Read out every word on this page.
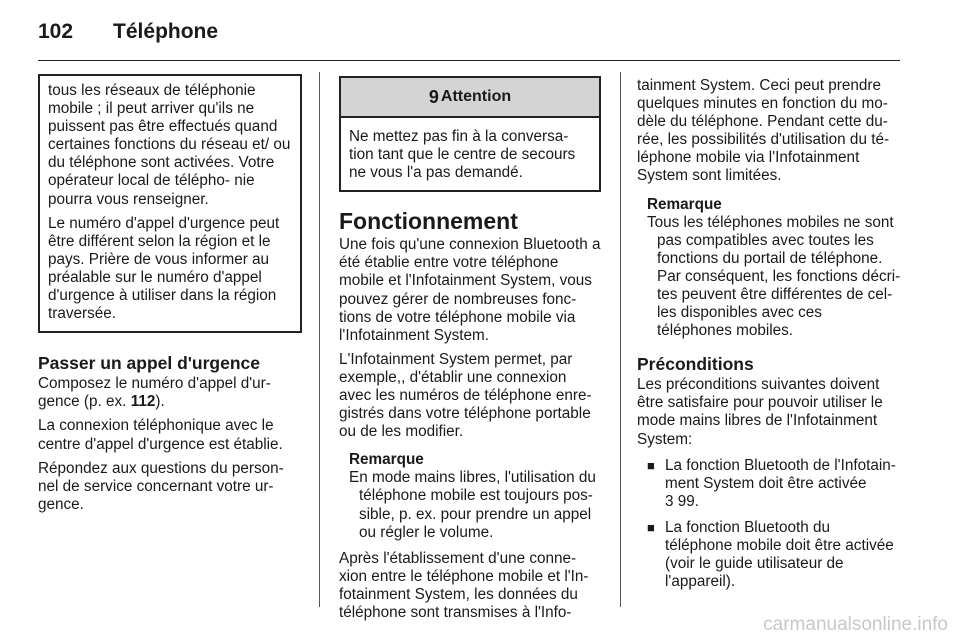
102 Téléphone

tous les réseaux de téléphonie mobile ; il peut arriver qu'ils ne puissent pas être effectués quand certaines fonctions du réseau et/ ou du téléphone sont activées. Votre opérateur local de télépho- nie pourra vous renseigner.

Le numéro d'appel d'urgence peut être différent selon la région et le pays. Prière de vous informer au préalable sur le numéro d'appel d'urgence à utiliser dans la région traversée.

Passer un appel d'urgence

Composez le numéro d'appel d'ur- gence (p. ex. 112).

La connexion téléphonique avec le centre d'appel d'urgence est établie.

Répondez aux questions du person- nel de service concernant votre ur- gence.

9 Attention

Ne mettez pas fin à la conversa- tion tant que le centre de secours ne vous l'a pas demandé.

Fonctionnement

Une fois qu'une connexion Bluetooth a été établie entre votre téléphone mobile et l'Infotainment System, vous pouvez gérer de nombreuses fonc- tions de votre téléphone mobile via l'Infotainment System.

L'Infotainment System permet, par exemple,, d'établir une connexion avec les numéros de téléphone enre- gistrés dans votre téléphone portable ou de les modifier.

Remarque

En mode mains libres, l'utilisation du téléphone mobile est toujours pos- sible, p. ex. pour prendre un appel ou régler le volume.

Après l'établissement d'une conne- xion entre le téléphone mobile et l'In- fotainment System, les données du téléphone sont transmises à l'Info-

tainment System. Ceci peut prendre quelques minutes en fonction du mo- dèle du téléphone. Pendant cette du- rée, les possibilités d'utilisation du té- léphone mobile via l'Infotainment System sont limitées.

Remarque

Tous les téléphones mobiles ne sont pas compatibles avec toutes les fonctions du portail de téléphone. Par conséquent, les fonctions décri- tes peuvent être différentes de cel- les disponibles avec ces téléphones mobiles.

Préconditions

Les préconditions suivantes doivent être satisfaire pour pouvoir utiliser le mode mains libres de l'Infotainment System:

■ La fonction Bluetooth de l'Infotain- ment System doit être activée
3 99.
■ La fonction Bluetooth du téléphone mobile doit être activée (voir le guide utilisateur de l'appareil).
carmanualsonline.info
